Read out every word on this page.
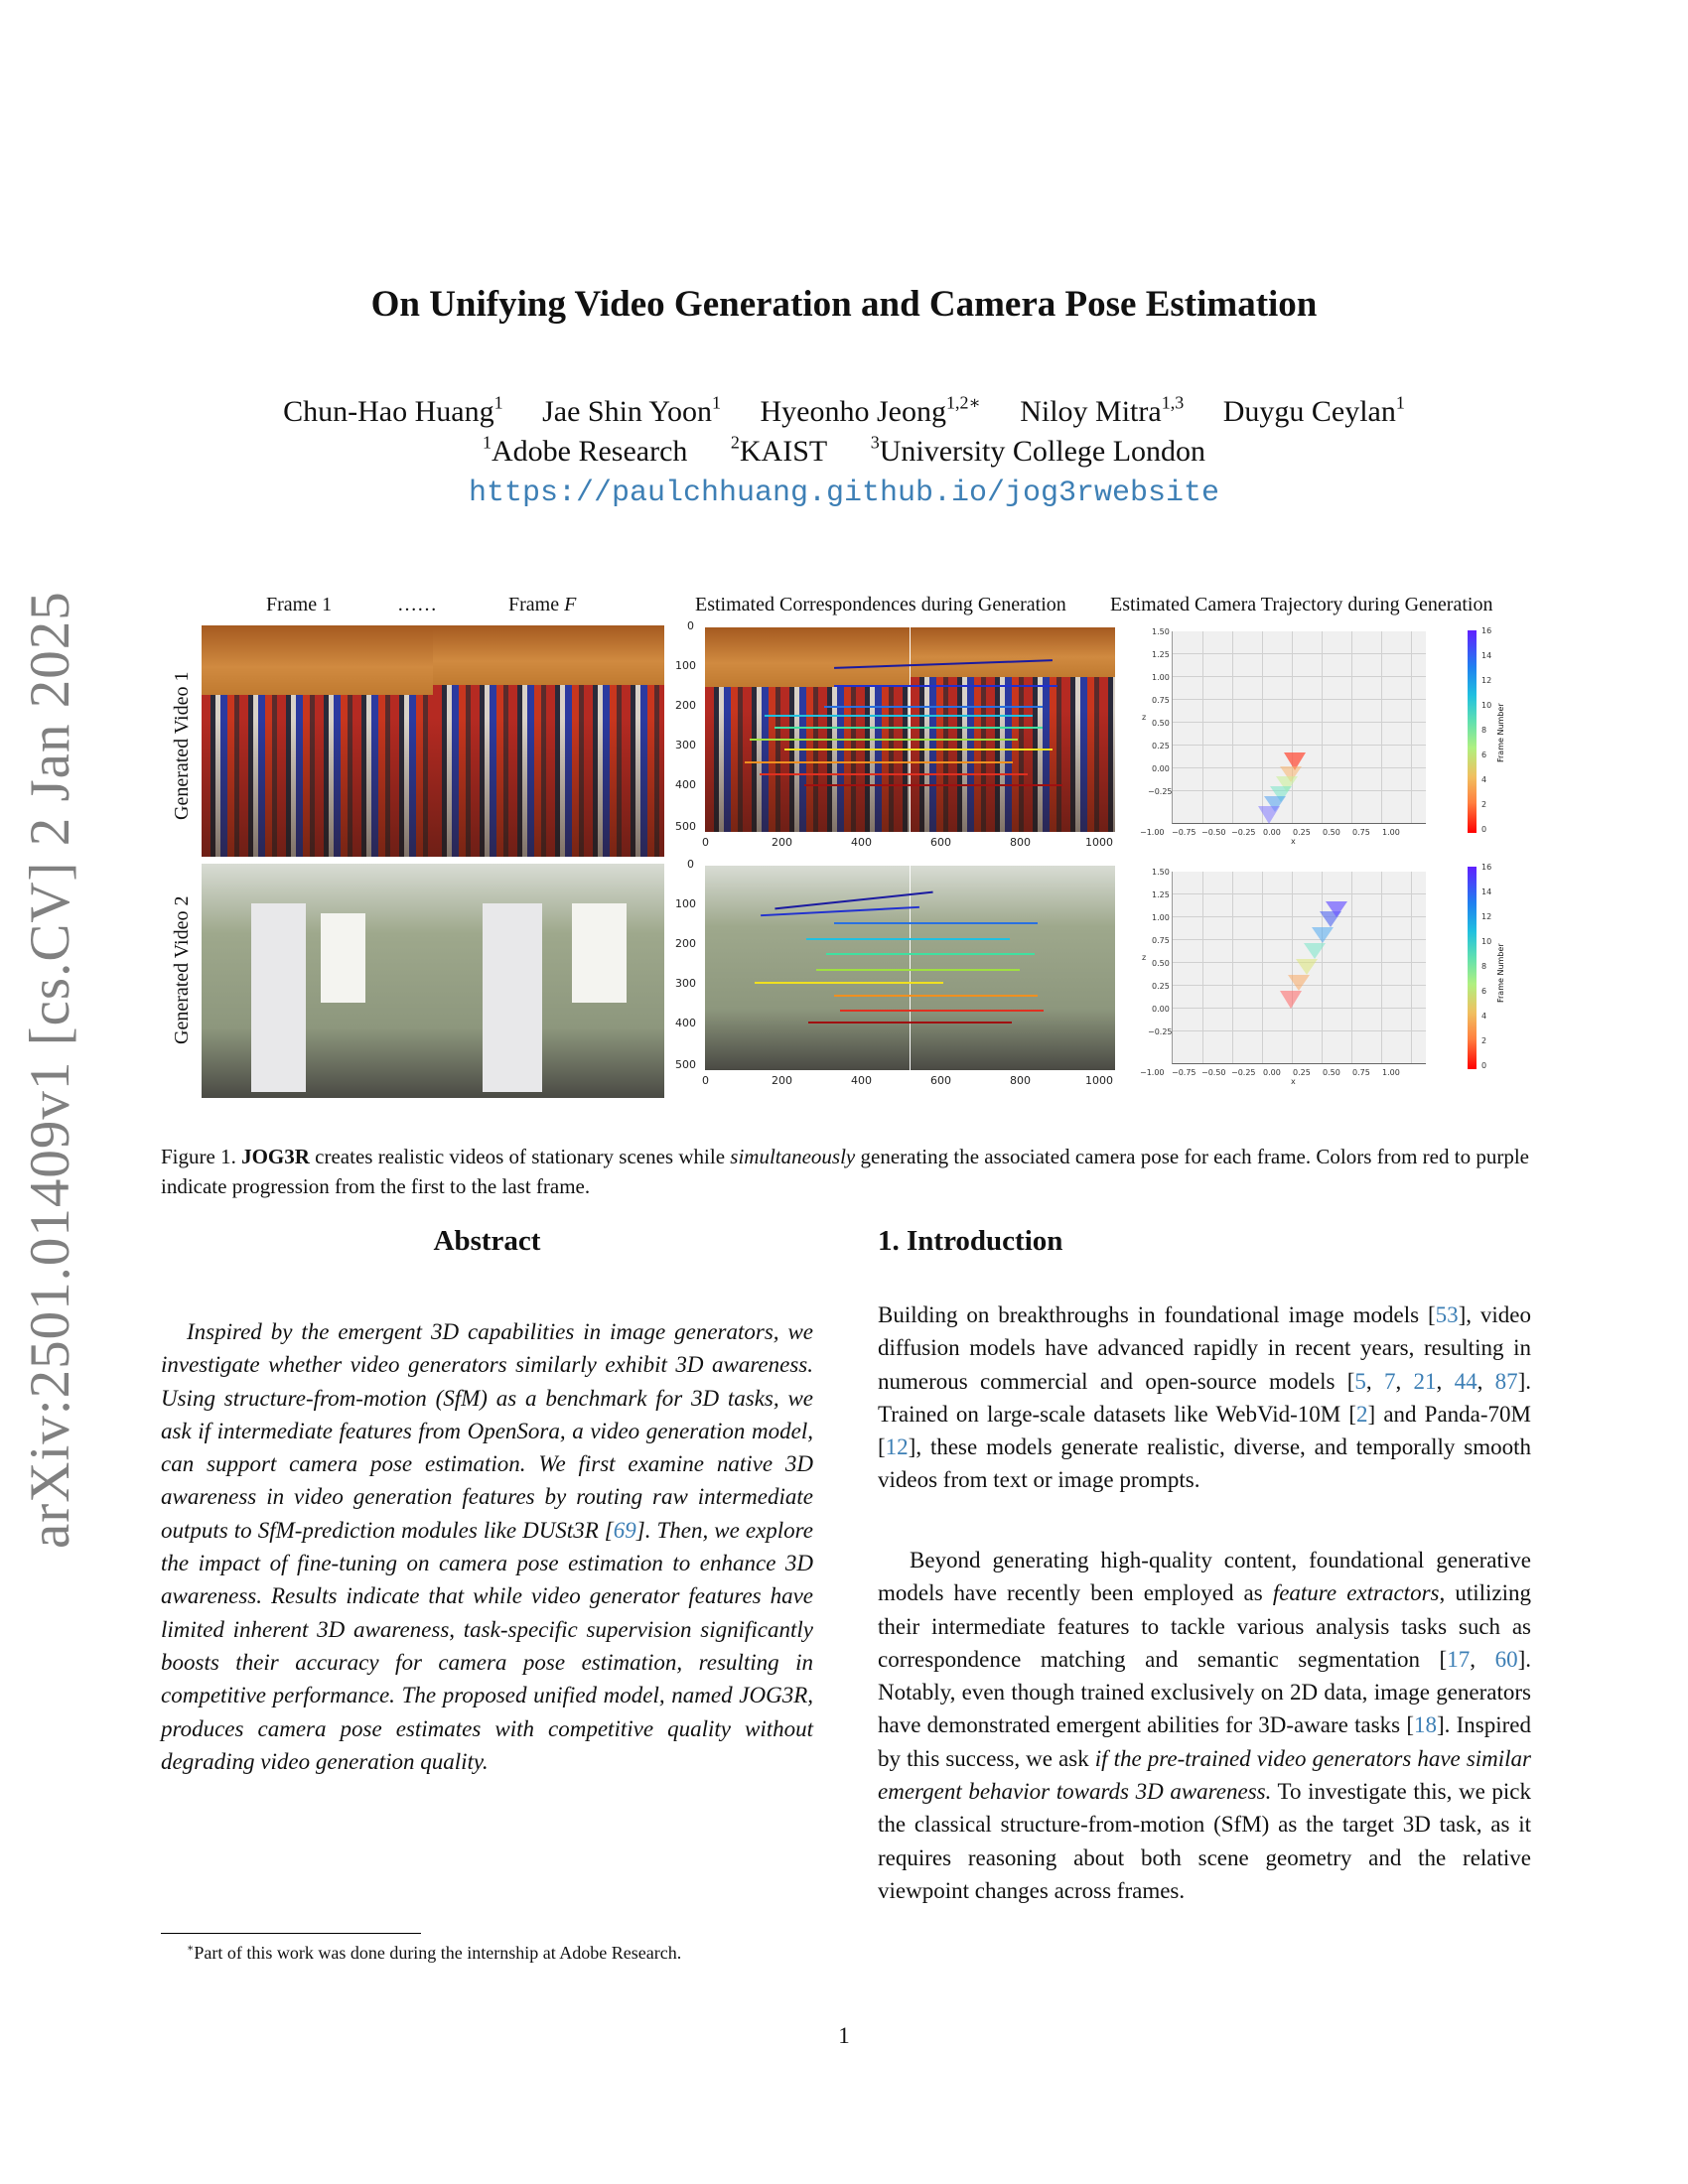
arXiv:2501.01409v1 [cs.CV] 2 Jan 2025
On Unifying Video Generation and Camera Pose Estimation
Chun-Hao Huang$^1$ Jae Shin Yoon$^1$ Hyeonho Jeong$^{1,2∗}$ Niloy Mitra$^{1,3}$ Duygu Ceylan$^1$
$^1$Adobe Research $^2$KAIST $^3$University College London
https://paulchhuang.github.io/jog3rwebsite
Frame 1	……	Frame F	Estimated Correspondences during Generation Estimated Camera Trajectory during Generation
Generated Video 1
Generated Video 2
0
100
200
300
400
500
0	200	400	600	800	1000
0
100
200
300
400
500
0	200	400	600	800	1000
1.50
1.25
1.00
0.75
0.50
0.25
0.00
−0.25
z
−1.00 −0.75 −0.50 −0.25 0.00 0.25 0.50 0.75 1.00
x
16
14
12
10
8
6
4
2
0
Frame Number
1.50
1.25
1.00
0.75
0.50
0.25
0.00
−0.25
z
−1.00 −0.75 −0.50 −0.25 0.00 0.25 0.50 0.75 1.00
x
16
14
12
10
8
6
4
2
0
Frame Number
Figure 1. JOG3R creates realistic videos of stationary scenes while simultaneously generating the associated camera pose for each frame. Colors from red to purple indicate progression from the first to the last frame.
Abstract
Inspired by the emergent 3D capabilities in image generators, we investigate whether video generators similarly exhibit 3D awareness. Using structure-from-motion (SfM) as a benchmark for 3D tasks, we ask if intermediate features from OpenSora, a video generation model, can support camera pose estimation. We first examine native 3D awareness in video generation features by routing raw intermediate outputs to SfM-prediction modules like DUSt3R [69]. Then, we explore the impact of fine-tuning on camera pose estimation to enhance 3D awareness. Results indicate that while video generator features have limited inherent 3D awareness, task-specific supervision significantly boosts their accuracy for camera pose estimation, resulting in competitive performance. The proposed unified model, named JOG3R, produces camera pose estimates with competitive quality without degrading video generation quality.
1. Introduction
Building on breakthroughs in foundational image models [53], video diffusion models have advanced rapidly in recent years, resulting in numerous commercial and open-source models [5, 7, 21, 44, 87]. Trained on large-scale datasets like WebVid-10M [2] and Panda-70M [12], these models generate realistic, diverse, and temporally smooth videos from text or image prompts.
Beyond generating high-quality content, foundational generative models have recently been employed as feature extractors, utilizing their intermediate features to tackle various analysis tasks such as correspondence matching and semantic segmentation [17, 60]. Notably, even though trained exclusively on 2D data, image generators have demonstrated emergent abilities for 3D-aware tasks [18]. Inspired by this success, we ask if the pre-trained video generators have similar emergent behavior towards 3D awareness. To investigate this, we pick the classical structure-from-motion (SfM) as the target 3D task, as it requires reasoning about both scene geometry and the relative viewpoint changes across frames.
∗Part of this work was done during the internship at Adobe Research.
1
